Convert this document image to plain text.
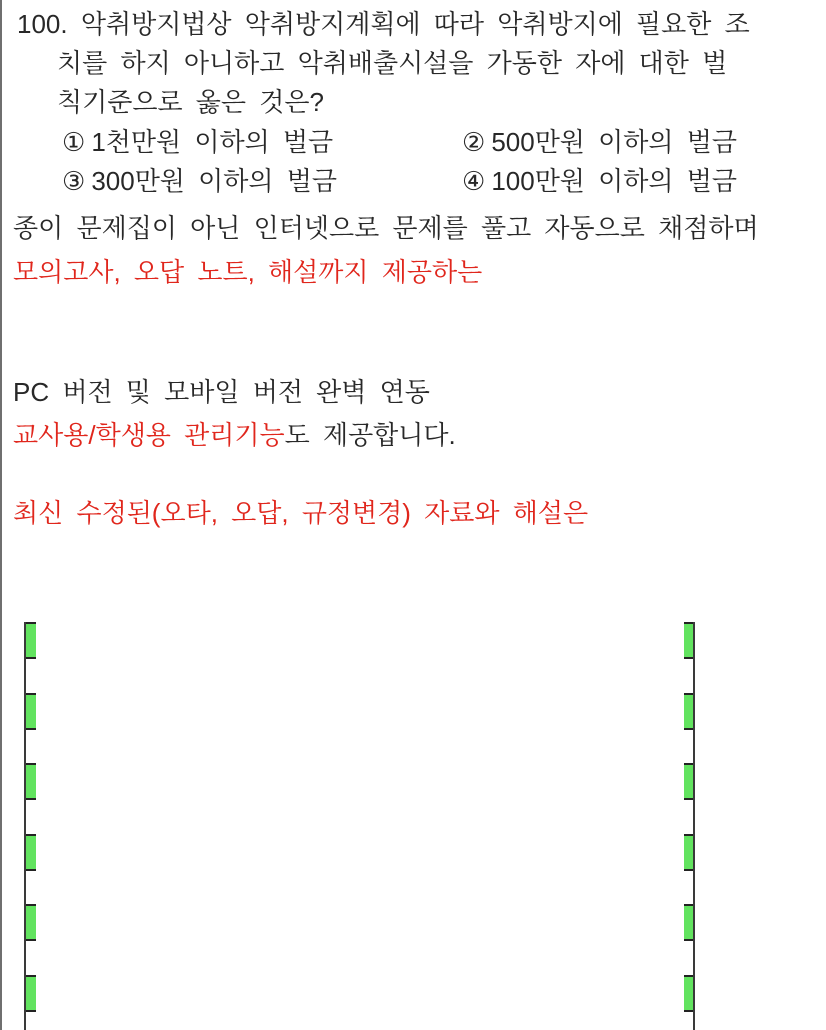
100. 악취방지법상 악취방지계획에 따라 악취방지에 필요한 조
치를 하지 아니하고 악취배출시설을 가동한 자에 대한 벌
칙기준으로 옳은 것은?
① 1천만원 이하의 벌금	② 500만원 이하의 벌금
③ 300만원 이하의 벌금	④ 100만원 이하의 벌금
종이 문제집이 아닌 인터넷으로 문제를 풀고 자동으로 채점하며
모의고사, 오답 노트, 해설까지 제공하는
PC 버전 및 모바일 버전 완벽 연동
교사용/학생용 관리기능도 제공합니다.
최신 수정된(오타, 오답, 규정변경) 자료와 해설은
